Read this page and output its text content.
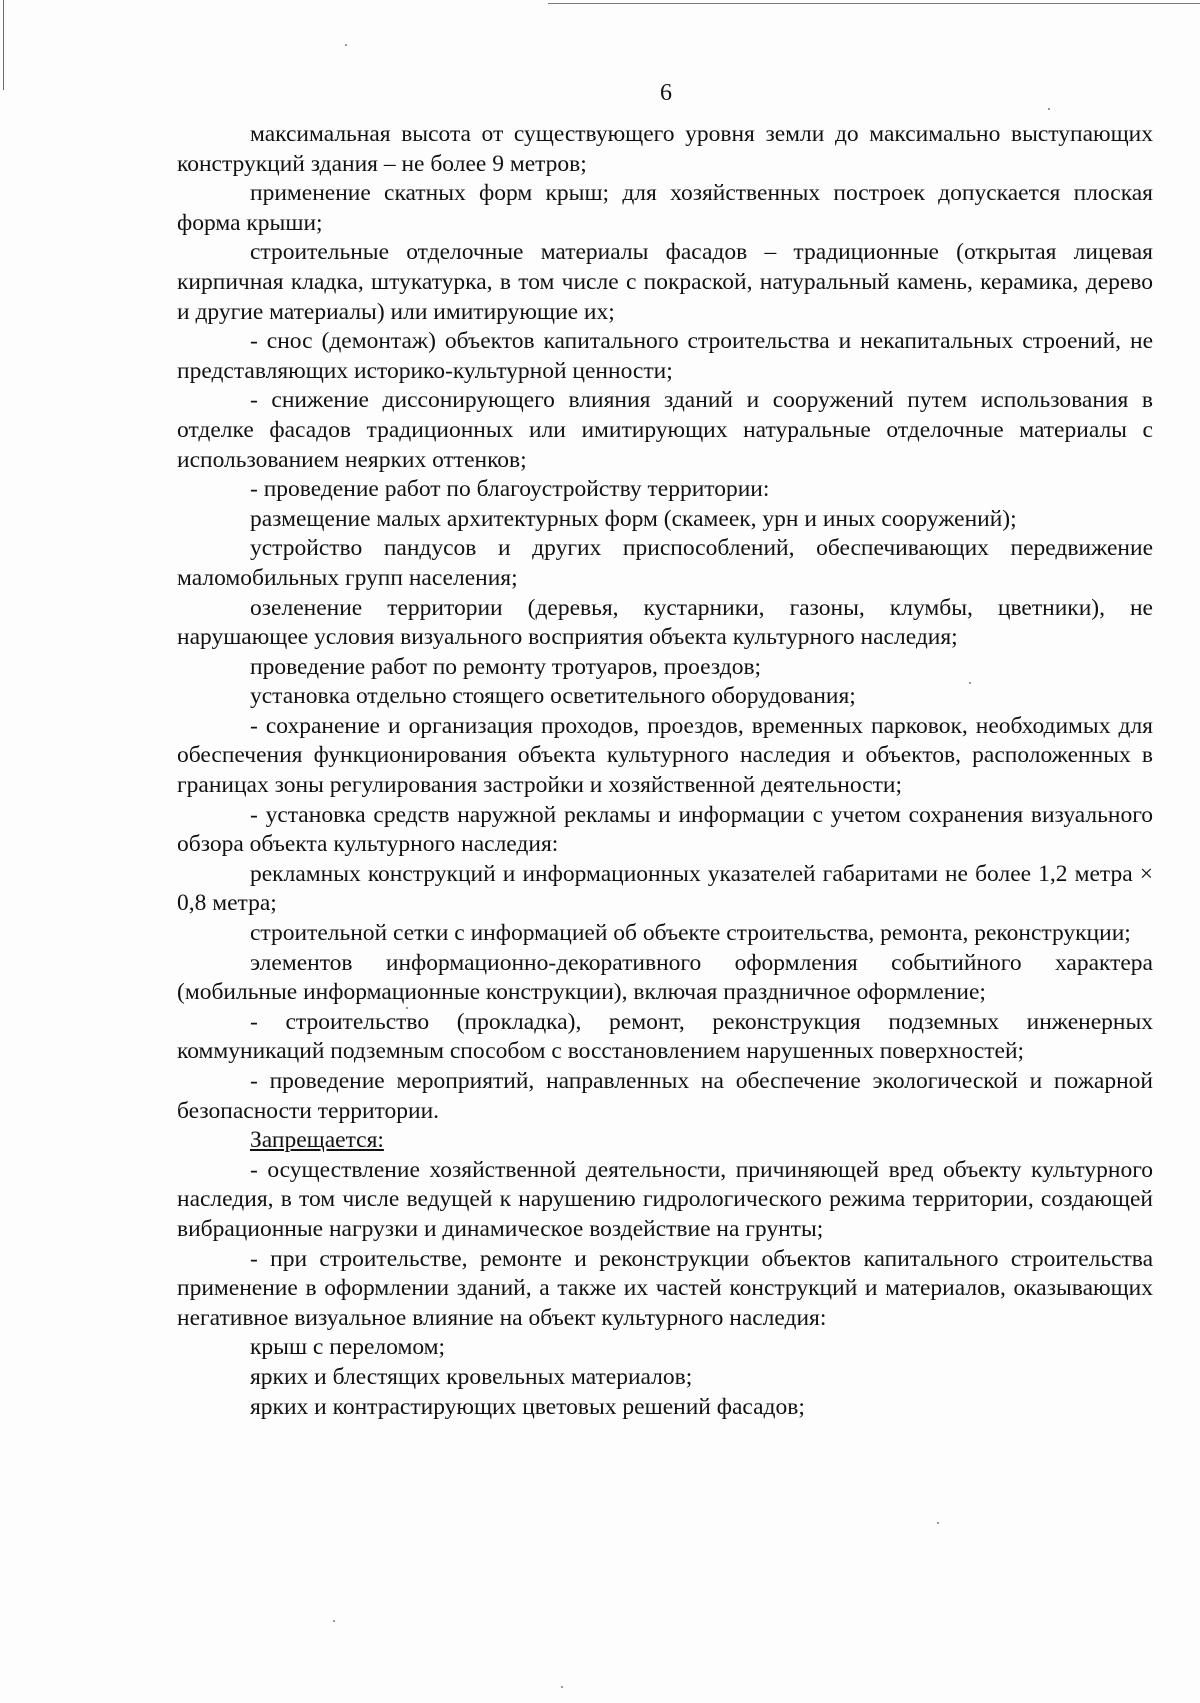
6

максимальная высота от существующего уровня земли до максимально выступающих конструкций здания – не более 9 метров;

применение скатных форм крыш; для хозяйственных построек допускается плоская форма крыши;

строительные отделочные материалы фасадов – традиционные (открытая лицевая кирпичная кладка, штукатурка, в том числе с покраской, натуральный камень, керамика, дерево и другие материалы) или имитирующие их;

- снос (демонтаж) объектов капитального строительства и некапитальных строений, не представляющих историко-культурной ценности;

- снижение диссонирующего влияния зданий и сооружений путем использования в отделке фасадов традиционных или имитирующих натуральные отделочные материалы с использованием неярких оттенков;

- проведение работ по благоустройству территории:

размещение малых архитектурных форм (скамеек, урн и иных сооружений);

устройство пандусов и других приспособлений, обеспечивающих передвижение маломобильных групп населения;

озеленение территории (деревья, кустарники, газоны, клумбы, цветники), не нарушающее условия визуального восприятия объекта культурного наследия;

проведение работ по ремонту тротуаров, проездов;

установка отдельно стоящего осветительного оборудования;

- сохранение и организация проходов, проездов, временных парковок, необходимых для обеспечения функционирования объекта культурного наследия и объектов, расположенных в границах зоны регулирования застройки и хозяйственной деятельности;

- установка средств наружной рекламы и информации с учетом сохранения визуального обзора объекта культурного наследия:

рекламных конструкций и информационных указателей габаритами не более 1,2 метра × 0,8 метра;

строительной сетки с информацией об объекте строительства, ремонта, реконструкции;

элементов информационно-декоративного оформления событийного характера (мобильные информационные конструкции), включая праздничное оформление;

- строительство (прокладка), ремонт, реконструкция подземных инженерных коммуникаций подземным способом с восстановлением нарушенных поверхностей;

- проведение мероприятий, направленных на обеспечение экологической и пожарной безопасности территории.

Запрещается:

- осуществление хозяйственной деятельности, причиняющей вред объекту культурного наследия, в том числе ведущей к нарушению гидрологического режима территории, создающей вибрационные нагрузки и динамическое воздействие на грунты;

- при строительстве, ремонте и реконструкции объектов капитального строительства применение в оформлении зданий, а также их частей конструкций и материалов, оказывающих негативное визуальное влияние на объект культурного наследия:

крыш с переломом;

ярких и блестящих кровельных материалов;

ярких и контрастирующих цветовых решений фасадов;
